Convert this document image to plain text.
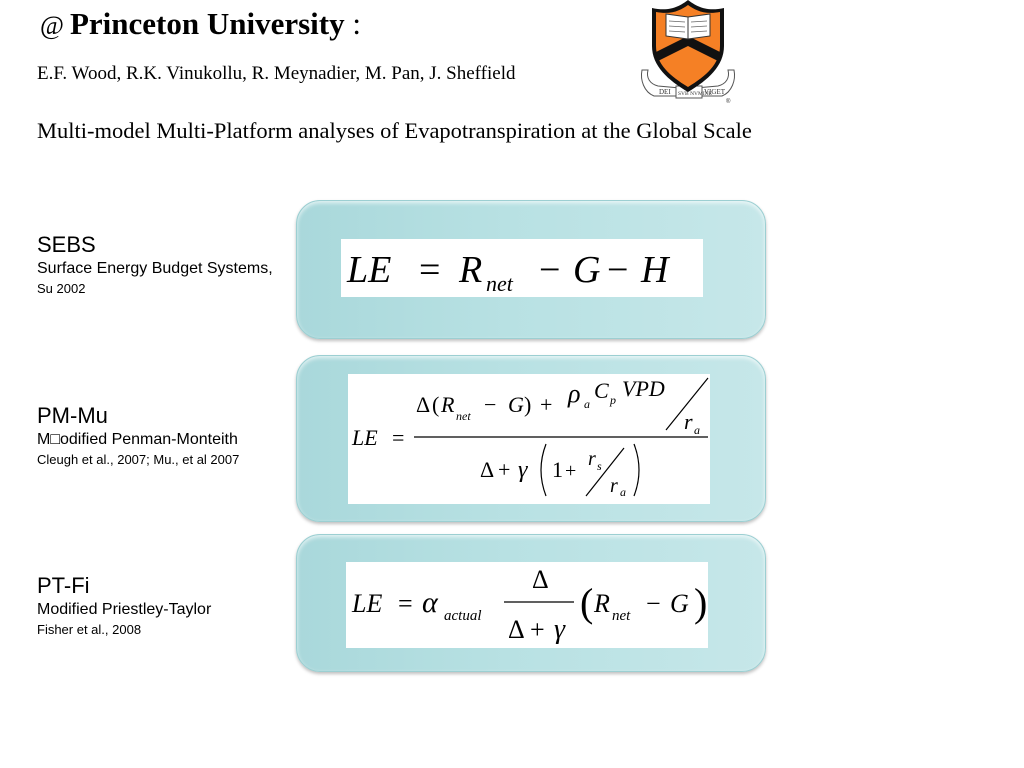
@ Princeton University :
E.F. Wood, R.K. Vinukollu, R. Meynadier, M. Pan, J. Sheffield
Multi-model Multi-Platform analyses of Evapotranspiration at the Global Scale
DEI SVB NVMINE
VIGET
®
SEBS
Surface Energy Budget Systems,
Su 2002
PM-Mu
M□odified Penman-Monteith
Cleugh et al., 2007; Mu., et al 2007
PT-Fi
Modified Priestley-Taylor
Fisher et al., 2008
LE = R net − G − H
LE =
Δ ( R net − G ) + ρ a
C p VPD
r a
Δ + γ 1 +
r s
r a
LE = α actual
Δ
Δ + γ
( R net − G )
